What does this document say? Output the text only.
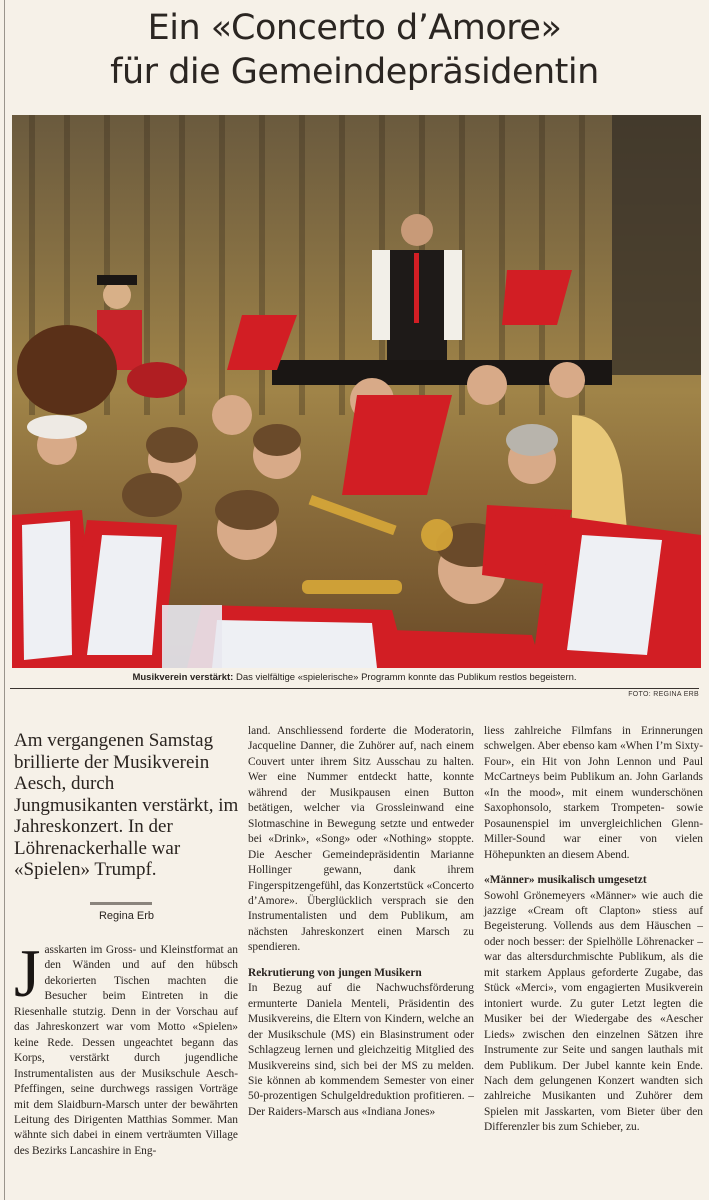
Ein «Concerto d’Amore»
für die Gemeindepräsidentin
Musikverein verstärkt: Das vielfältige «spielerische» Programm konnte das Publikum restlos begeistern.
FOTO: REGINA ERB
Am vergangenen Samstag brillierte der Musikverein Aesch, durch Jungmusikanten verstärkt, im Jahreskonzert. In der Löhrenackerhalle war «Spielen» Trumpf.
Regina Erb
J asskarten im Gross- und Kleinstformat an den Wänden und auf den hübsch dekorierten Tischen machten die Besucher beim Eintreten in die Riesenhalle stutzig. Denn in der Vorschau auf das Jahreskonzert war vom Motto «Spielen» keine Rede. Dessen ungeachtet begann das Korps, verstärkt durch jugendliche Instrumentalisten aus der Musikschule Aesch-Pfeffingen, seine durchwegs rassigen Vorträge mit dem Slaidburn-Marsch unter der bewährten Leitung des Dirigenten Matthias Sommer. Man wähnte sich dabei in einem verträumten Village des Bezirks Lancashire in Eng-

land. Anschliessend forderte die Moderatorin, Jacqueline Danner, die Zuhörer auf, nach einem Couvert unter ihrem Sitz Ausschau zu halten. Wer eine Nummer entdeckt hatte, konnte während der Musikpausen einen Button betätigen, welcher via Grossleinwand eine Slotmaschine in Bewegung setzte und entweder bei «Drink», «Song» oder «Nothing» stoppte. Die Aescher Gemeindepräsidentin Marianne Hollinger gewann, dank ihrem Fingerspitzengefühl, das Konzertstück «Concerto d’Amore». Überglücklich versprach sie den Instrumentalisten und dem Publikum, am nächsten Jahreskonzert einen Marsch zu spendieren.

Rekrutierung von jungen Musikern

In Bezug auf die Nachwuchsförderung ermunterte Daniela Menteli, Präsidentin des Musikvereins, die Eltern von Kindern, welche an der Musikschule (MS) ein Blasinstrument oder Schlagzeug lernen und gleichzeitig Mitglied des Musikvereins sind, sich bei der MS zu melden. Sie können ab kommendem Semester von einer 50-prozentigen Schulgeldreduktion profitieren. – Der Raiders-Marsch aus «Indiana Jones»

liess zahlreiche Filmfans in Erinnerungen schwelgen. Aber ebenso kam «When I’m Sixty-Four», ein Hit von John Lennon und Paul McCartneys beim Publikum an. John Garlands «In the mood», mit einem wunderschönen Saxophonsolo, starkem Trompeten- sowie Posaunenspiel im unvergleichlichen Glenn-Miller-Sound war einer von vielen Höhepunkten an diesem Abend.

«Männer» musikalisch umgesetzt

Sowohl Grönemeyers «Männer» wie auch die jazzige «Cream oft Clapton» stiess auf Begeisterung. Vollends aus dem Häuschen – oder noch besser: der Spielhölle Löhrenacker – war das altersdurchmischte Publikum, als die mit starkem Applaus geforderte Zugabe, das Stück «Merci», vom engagierten Musikverein intoniert wurde. Zu guter Letzt legten die Musiker bei der Wiedergabe des «Aescher Lieds» zwischen den einzelnen Sätzen ihre Instrumente zur Seite und sangen lauthals mit dem Publikum. Der Jubel kannte kein Ende. Nach dem gelungenen Konzert wandten sich zahlreiche Musikanten und Zuhörer dem Spielen mit Jasskarten, vom Bieter über den Differenzler bis zum Schieber, zu.
